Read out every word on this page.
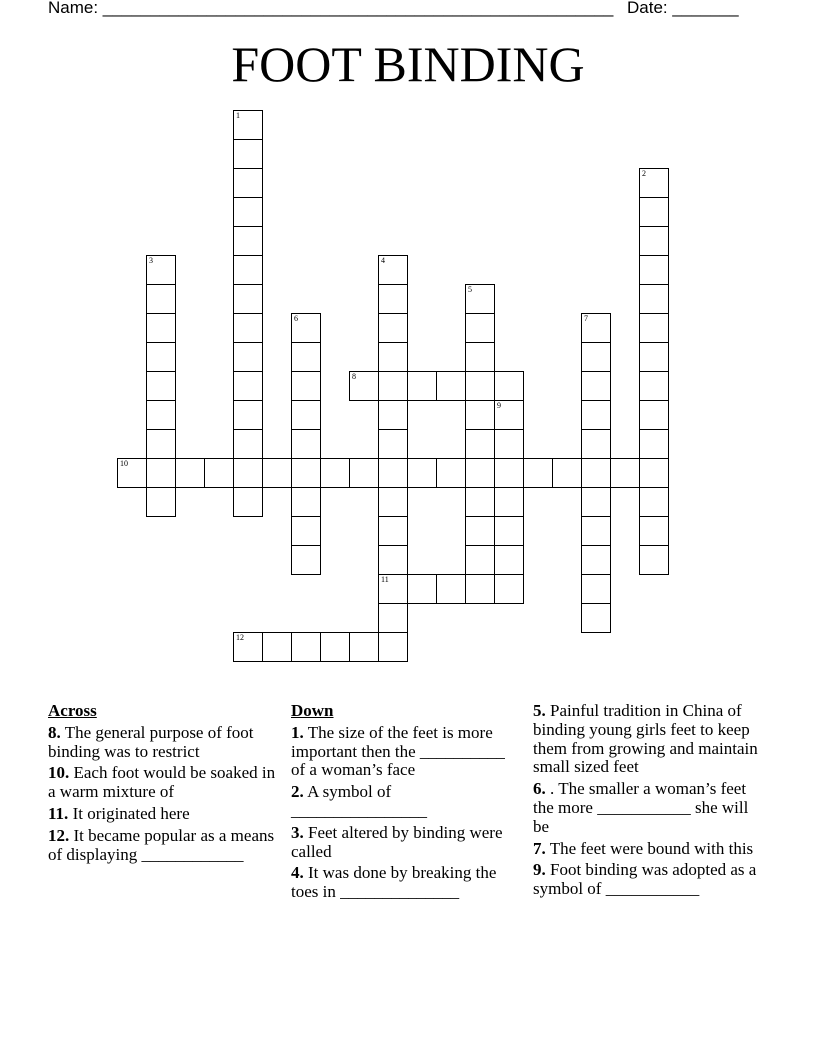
Name: ______________________________________________________ Date: _______
FOOT BINDING
1
2
3	4
11
5
6	7
8
9
10
12
Across
8. The general purpose of foot binding was to restrict
10. Each foot would be soaked in a warm mixture of
11. It originated here
12. It became popular as a means of displaying ____________
Down
1. The size of the feet is more important then the __________ of a woman’s face
2. A symbol of ________________
3. Feet altered by binding were called
4. It was done by breaking the toes in ______________
5. Painful tradition in China of binding young girls feet to keep them from growing and maintain small sized feet
6. . The smaller a woman’s feet the more ___________ she will be
7. The feet were bound with this
9. Foot binding was adopted as a symbol of ___________
